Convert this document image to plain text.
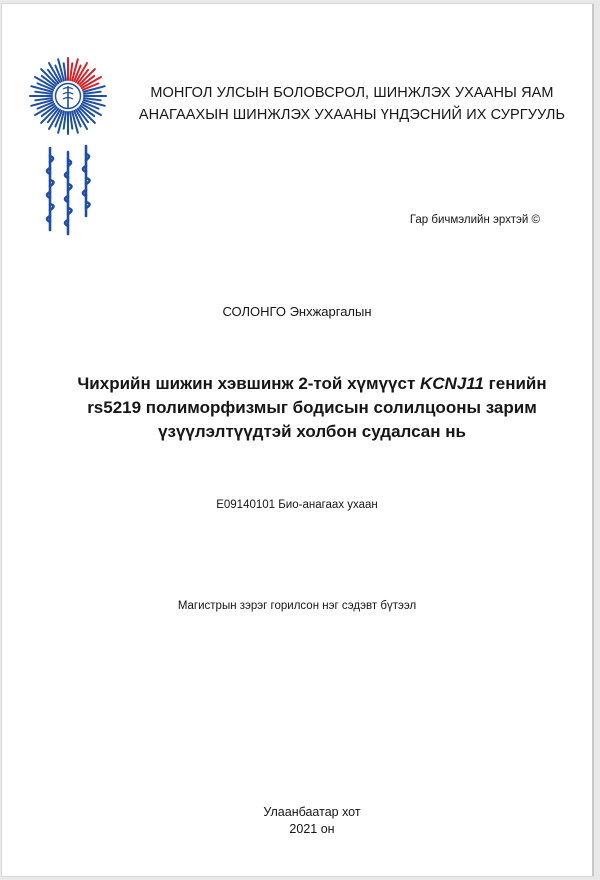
МОНГОЛ УЛСЫН БОЛОВСРОЛ, ШИНЖЛЭХ УХААНЫ ЯАМ
АНАГААХЫН ШИНЖЛЭХ УХААНЫ ҮНДЭСНИЙ ИХ СУРГУУЛЬ
Гар бичмэлийн эрхтэй ©
СОЛОНГО Энхжаргалын
Чихрийн шижин хэвшинж 2-той хүмүүст KCNJ11 генийн
rs5219 полиморфизмыг бодисын солилцооны зарим
үзүүлэлтүүдтэй холбон судалсан нь
E09140101 Био-анагаах ухаан
Магистрын зэрэг горилсон нэг сэдэвт бүтээл
Улаанбаатар хот
2021 он
